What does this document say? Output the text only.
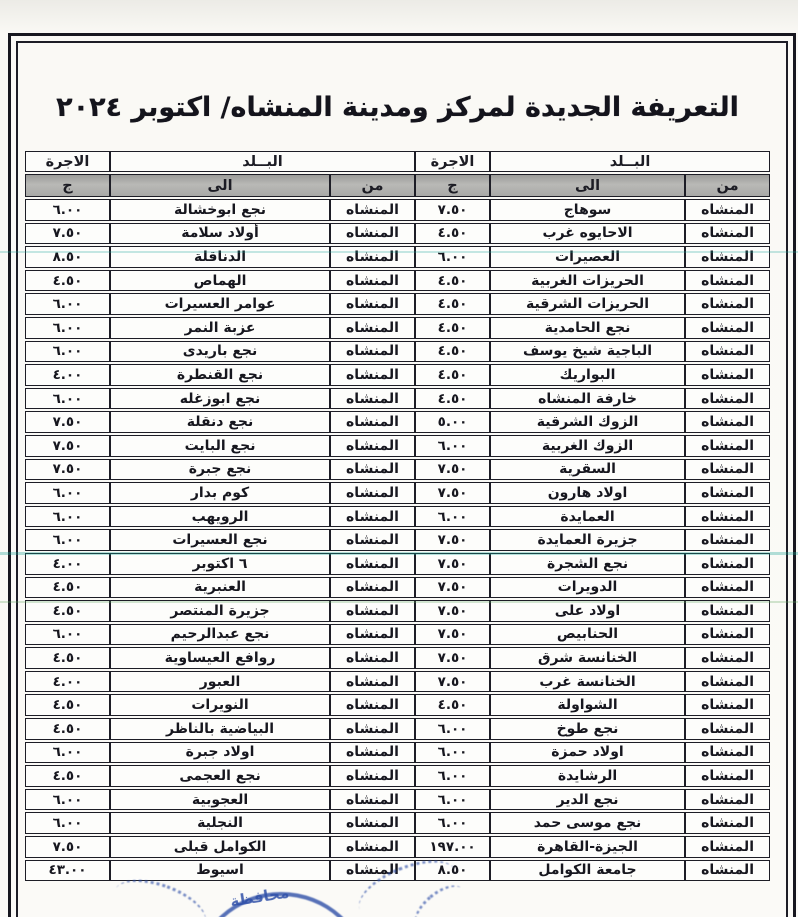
التعريفة الجديدة لمركز ومدينة المنشاه/ اكتوبر ٢٠٢٤
البــلد		الاجرة	البــلد		الاجرة
من	الى	ج	من	الى	ج
المنشاه	سوهاج	٧.٥٠	المنشاه	نجع ابوخشالة	٦.٠٠
المنشاه	الاحايوه غرب	٤.٥٠	المنشاه	أولاد سلامة	٧.٥٠
المنشاه	العصيرات	٦.٠٠	المنشاه	الدناقلة	٨.٥٠
المنشاه	الحريزات الغربية	٤.٥٠	المنشاه	الهماص	٤.٥٠
المنشاه	الحريزات الشرقية	٤.٥٠	المنشاه	عوامر العسيرات	٦.٠٠
المنشاه	نجع الحامدية	٤.٥٠	المنشاه	عزبة النمر	٦.٠٠
المنشاه	الباجية شيخ يوسف	٤.٥٠	المنشاه	نجع باريدى	٦.٠٠
المنشاه	البواريك	٤.٥٠	المنشاه	نجع القنطرة	٤.٠٠
المنشاه	خارفة المنشاه	٤.٥٠	المنشاه	نجع ابوزغله	٦.٠٠
المنشاه	الزوك الشرقية	٥.٠٠	المنشاه	نجع دنقلة	٧.٥٠
المنشاه	الزوك الغربية	٦.٠٠	المنشاه	نجع البايت	٧.٥٠
المنشاه	السقرية	٧.٥٠	المنشاه	نجع جبرة	٧.٥٠
المنشاه	اولاد هارون	٧.٥٠	المنشاه	كوم بدار	٦.٠٠
المنشاه	العمايدة	٦.٠٠	المنشاه	الرويهب	٦.٠٠
المنشاه	جزيرة العمايدة	٧.٥٠	المنشاه	نجع العسيرات	٦.٠٠
المنشاه	نجع الشجرة	٧.٥٠	المنشاه	٦ اكتوبر	٤.٠٠
المنشاه	الدويرات	٧.٥٠	المنشاه	العنبرية	٤.٥٠
المنشاه	اولاد على	٧.٥٠	المنشاه	جزيرة المنتصر	٤.٥٠
المنشاه	الحنابيص	٧.٥٠	المنشاه	نجع عبدالرحيم	٦.٠٠
المنشاه	الخنانسة شرق	٧.٥٠	المنشاه	روافع العيساوية	٤.٥٠
المنشاه	الخنانسة غرب	٧.٥٠	المنشاه	العبور	٤.٠٠
المنشاه	الشواولة	٤.٥٠	المنشاه	النويرات	٤.٥٠
المنشاه	نجع طوخ	٦.٠٠	المنشاه	البياضية بالناظر	٤.٥٠
المنشاه	اولاد حمزة	٦.٠٠	المنشاه	اولاد جبرة	٦.٠٠
المنشاه	الرشايدة	٦.٠٠	المنشاه	نجع العجمى	٤.٥٠
المنشاه	نجع الدير	٦.٠٠	المنشاه	العجوبية	٦.٠٠
المنشاه	نجع موسى حمد	٦.٠٠	المنشاه	النجلية	٦.٠٠
المنشاه	الجيزة-القاهرة	١٩٧.٠٠	المنشاه	الكوامل قبلى	٧.٥٠
المنشاه	جامعة الكوامل	٨.٥٠	المنشاه	اسيوط	٤٣.٠٠
محافظة
